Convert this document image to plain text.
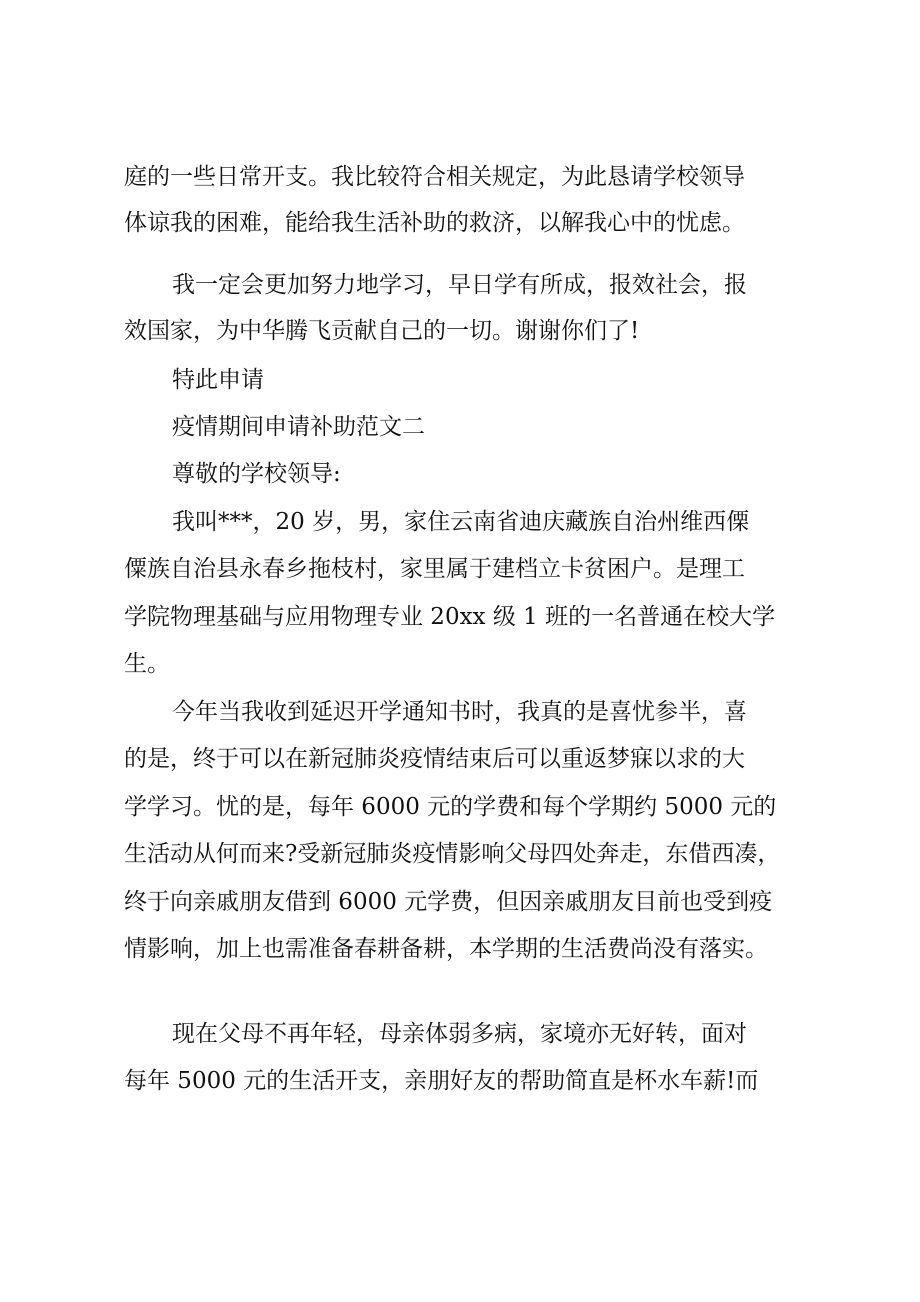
庭的一些日常开支。我比较符合相关规定，为此恳请学校领导

体谅我的困难，能给我生活补助的救济，以解我心中的忧虑。

我一定会更加努力地学习，早日学有所成，报效社会，报

效国家，为中华腾飞贡献自己的一切。谢谢你们了!

特此申请

疫情期间申请补助范文二

尊敬的学校领导:

我叫***，20 岁，男，家住云南省迪庆藏族自治州维西傈

僳族自治县永春乡拖枝村，家里属于建档立卡贫困户。是理工

学院物理基础与应用物理专业 20xx 级 1 班的一名普通在校大学

生。

今年当我收到延迟开学通知书时，我真的是喜忧参半，喜

的是，终于可以在新冠肺炎疫情结束后可以重返梦寐以求的大

学学习。忧的是，每年 6000 元的学费和每个学期约 5000 元的

生活动从何而来?受新冠肺炎疫情影响父母四处奔走，东借西凑，

终于向亲戚朋友借到 6000 元学费，但因亲戚朋友目前也受到疫

情影响，加上也需准备春耕备耕，本学期的生活费尚没有落实。

现在父母不再年轻，母亲体弱多病，家境亦无好转，面对

每年 5000 元的生活开支，亲朋好友的帮助简直是杯水车薪!而
